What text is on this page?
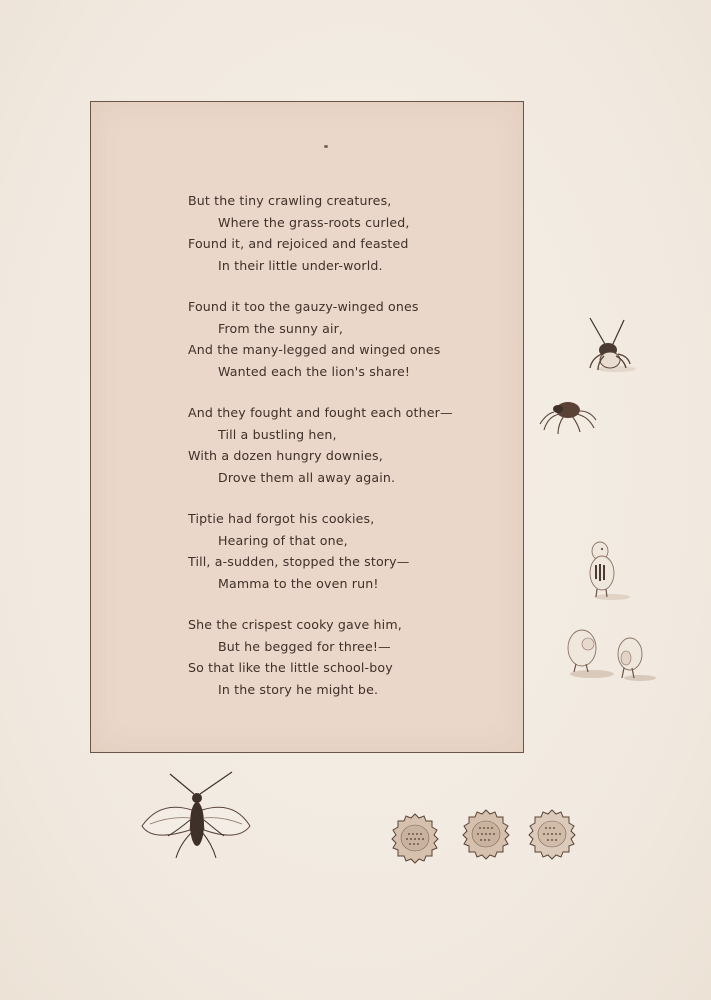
But the tiny crawling creatures,
Where the grass-roots curled,
Found it, and rejoiced and feasted
In their little under-world.
Found it too the gauzy-winged ones
From the sunny air,
And the many-legged and winged ones
Wanted each the lion's share!
And they fought and fought each other—
Till a bustling hen,
With a dozen hungry downies,
Drove them all away again.
Tiptie had forgot his cookies,
Hearing of that one,
Till, a-sudden, stopped the story—
Mamma to the oven run!
She the crispest cooky gave him,
But he begged for three!—
So that like the little school-boy
In the story he might be.
